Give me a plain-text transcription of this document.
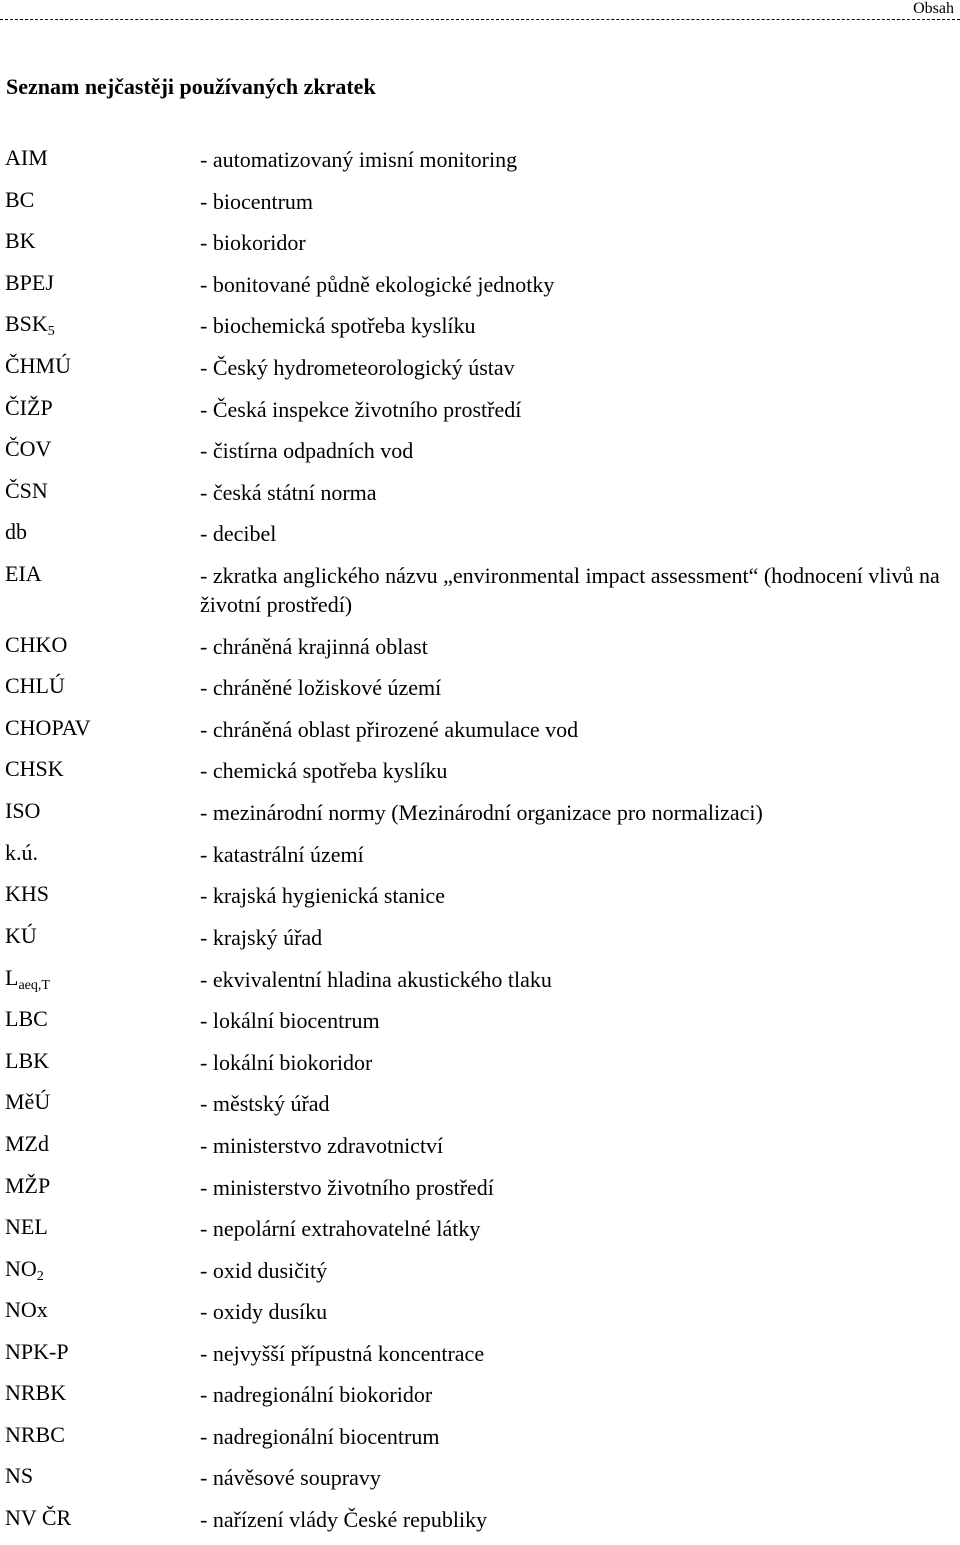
Obsah
Seznam nejčastěji používaných zkratek
AIM	- automatizovaný imisní monitoring
BC	- biocentrum
BK	- biokoridor
BPEJ	- bonitované půdně ekologické jednotky
$BSK_5$	- biochemická spotřeba kyslíku
ČHMÚ	- Český hydrometeorologický ústav
ČIŽP	- Česká inspekce životního prostředí
ČOV	- čistírna odpadních vod
ČSN	- česká státní norma
db	- decibel
EIA	- zkratka anglického názvu „environmental impact assessment“ (hodnocení vlivů na životní prostředí)
CHKO	- chráněná krajinná oblast
CHLÚ	- chráněné ložiskové území
CHOPAV	- chráněná oblast přirozené akumulace vod
CHSK	- chemická spotřeba kyslíku
ISO	- mezinárodní normy (Mezinárodní organizace pro normalizaci)
k.ú.	- katastrální území
KHS	- krajská hygienická stanice
KÚ	- krajský úřad
$L_{aeq,T}$	- ekvivalentní hladina akustického tlaku
LBC	- lokální biocentrum
LBK	- lokální biokoridor
MěÚ	- městský úřad
MZd	- ministerstvo zdravotnictví
MŽP	- ministerstvo životního prostředí
NEL	- nepolární extrahovatelné látky
$NO_2$	- oxid dusičitý
NOx	- oxidy dusíku
NPK-P	- nejvyšší přípustná koncentrace
NRBK	- nadregionální biokoridor
NRBC	- nadregionální biocentrum
NS	- návěsové soupravy
NV ČR	- nařízení vlády České republiky
